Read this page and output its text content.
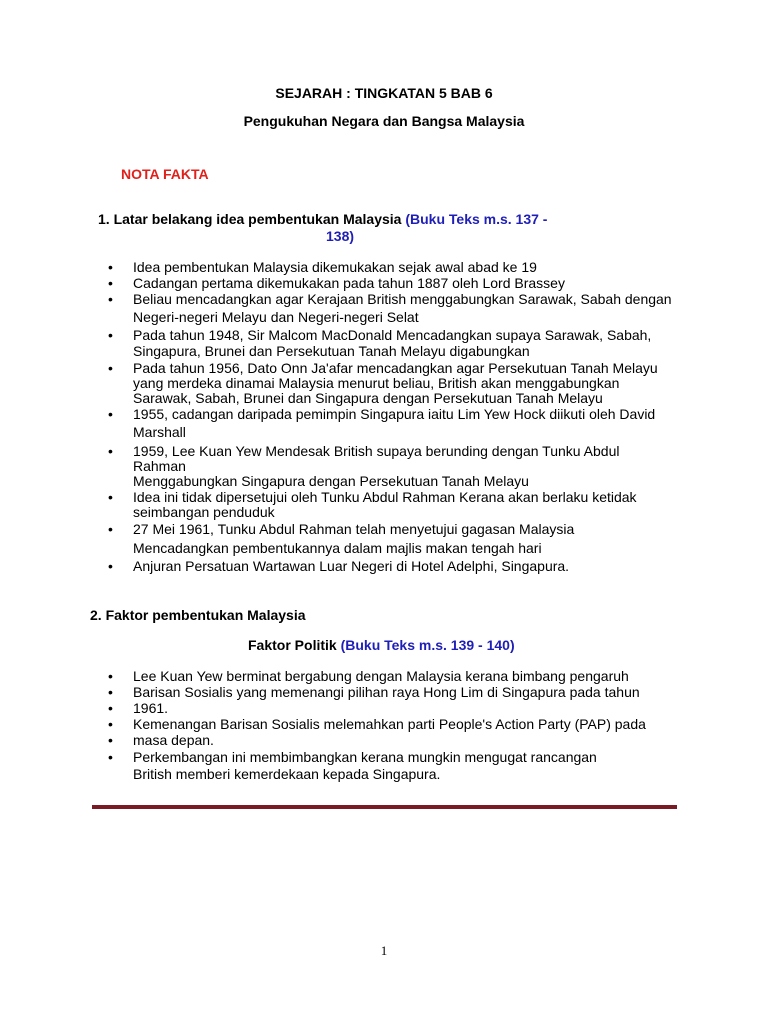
SEJARAH : TINGKATAN 5 BAB 6
Pengukuhan Negara dan Bangsa Malaysia
NOTA FAKTA
1. Latar belakang idea pembentukan Malaysia (Buku Teks m.s. 137 -
138)
• Idea pembentukan Malaysia dikemukakan sejak awal abad ke 19
• Cadangan pertama dikemukakan pada tahun 1887 oleh Lord Brassey
• Beliau mencadangkan agar Kerajaan British menggabungkan Sarawak, Sabah dengan
Negeri-negeri Melayu dan Negeri-negeri Selat
• Pada tahun 1948, Sir Malcom MacDonald Mencadangkan supaya Sarawak, Sabah,
Singapura, Brunei dan Persekutuan Tanah Melayu digabungkan
• Pada tahun 1956, Dato Onn Ja'afar mencadangkan agar Persekutuan Tanah Melayu
yang merdeka dinamai Malaysia menurut beliau, British akan menggabungkan
Sarawak, Sabah, Brunei dan Singapura dengan Persekutuan Tanah Melayu
• 1955, cadangan daripada pemimpin Singapura iaitu Lim Yew Hock diikuti oleh David
Marshall
• 1959, Lee Kuan Yew Mendesak British supaya berunding dengan Tunku Abdul
Rahman
Menggabungkan Singapura dengan Persekutuan Tanah Melayu
• Idea ini tidak dipersetujui oleh Tunku Abdul Rahman Kerana akan berlaku ketidak
seimbangan penduduk
• 27 Mei 1961, Tunku Abdul Rahman telah menyetujui gagasan Malaysia
Mencadangkan pembentukannya dalam majlis makan tengah hari
• Anjuran Persatuan Wartawan Luar Negeri di Hotel Adelphi, Singapura.
2. Faktor pembentukan Malaysia
Faktor Politik (Buku Teks m.s. 139 - 140)
• Lee Kuan Yew berminat bergabung dengan Malaysia kerana bimbang pengaruh
• Barisan Sosialis yang memenangi pilihan raya Hong Lim di Singapura pada tahun
• 1961.
• Kemenangan Barisan Sosialis melemahkan parti People's Action Party (PAP) pada
• masa depan.
• Perkembangan ini membimbangkan kerana mungkin mengugat rancangan
British memberi kemerdekaan kepada Singapura.
1
